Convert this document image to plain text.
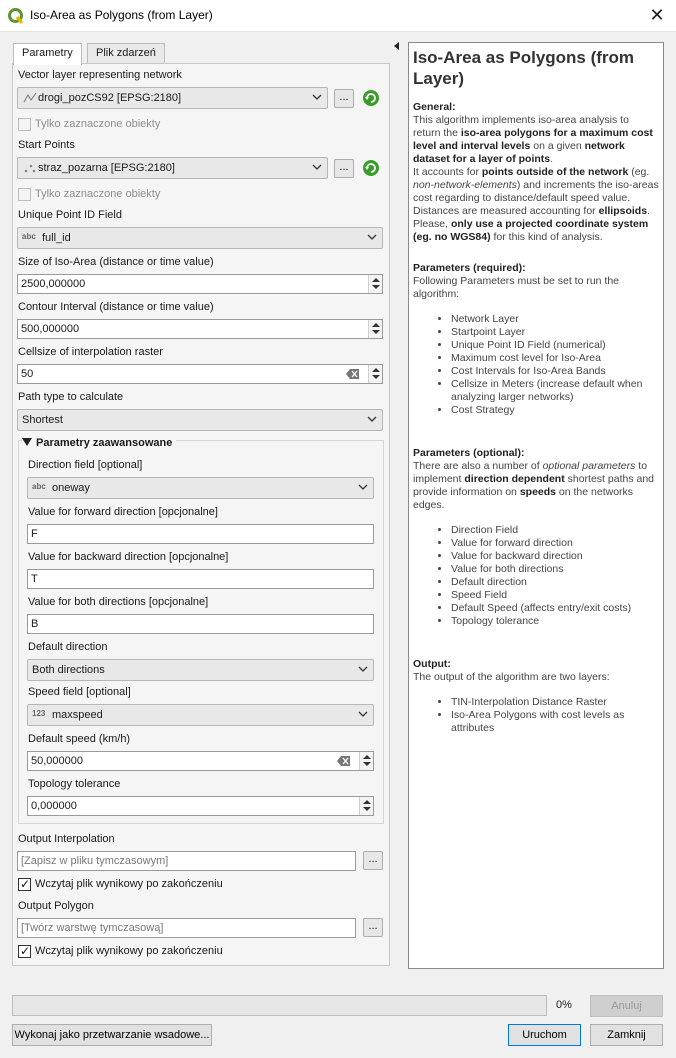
Iso-Area as Polygons (from Layer)	✕
Parametry	Plik zdarzeń
Vector layer representing network
drogi_pozCS92 [EPSG:2180]	...
Tylko zaznaczone obiekty
Start Points
straz_pozarna [EPSG:2180]	...
Tylko zaznaczone obiekty
Unique Point ID Field
abc full_id
Size of Iso-Area (distance or time value)
2500,000000
Contour Interval (distance or time value)
500,000000
Cellsize of interpolation raster
50
Path type to calculate
Shortest
Parametry zaawansowane
Direction field [optional]
abc oneway
Value for forward direction [opcjonalne]
F
Value for backward direction [opcjonalne]
T
Value for both directions [opcjonalne]
B
Default direction
Both directions
Speed field [optional]
123 maxspeed
Default speed (km/h)
50,000000
Topology tolerance
0,000000
Output Interpolation
[Zapisz w pliku tymczasowym]	...
✓ Wczytaj plik wynikowy po zakończeniu
Output Polygon
[Twórz warstwę tymczasową]	...
✓ Wczytaj plik wynikowy po zakończeniu
Iso-Area as Polygons (from Layer)
General:

This algorithm implements iso-area analysis to return the iso-area polygons for a maximum cost level and interval levels on a given network dataset for a layer of points.

It accounts for points outside of the network (eg. non-network-elements) and increments the iso-areas cost regarding to distance/default speed value. Distances are measured accounting for ellipsoids.

Please, only use a projected coordinate system (eg. no WGS84) for this kind of analysis.

Parameters (required):

Following Parameters must be set to run the algorithm:

• Network Layer
• Startpoint Layer
• Unique Point ID Field (numerical)
• Maximum cost level for Iso-Area
• Cost Intervals for Iso-Area Bands
• Cellsize in Meters (increase default when analyzing larger networks)
• Cost Strategy
Parameters (optional):

There are also a number of optional parameters to implement direction dependent shortest paths and provide information on speeds on the networks edges.

• Direction Field
• Value for forward direction
• Value for backward direction
• Value for both directions
• Default direction
• Speed Field
• Default Speed (affects entry/exit costs)
• Topology tolerance
Output:

The output of the algorithm are two layers:

• TIN-Interpolation Distance Raster
• Iso-Area Polygons with cost levels as attributes
0%	Anuluj
Wykonaj jako przetwarzanie wsadowe...	Uruchom	Zamknij
